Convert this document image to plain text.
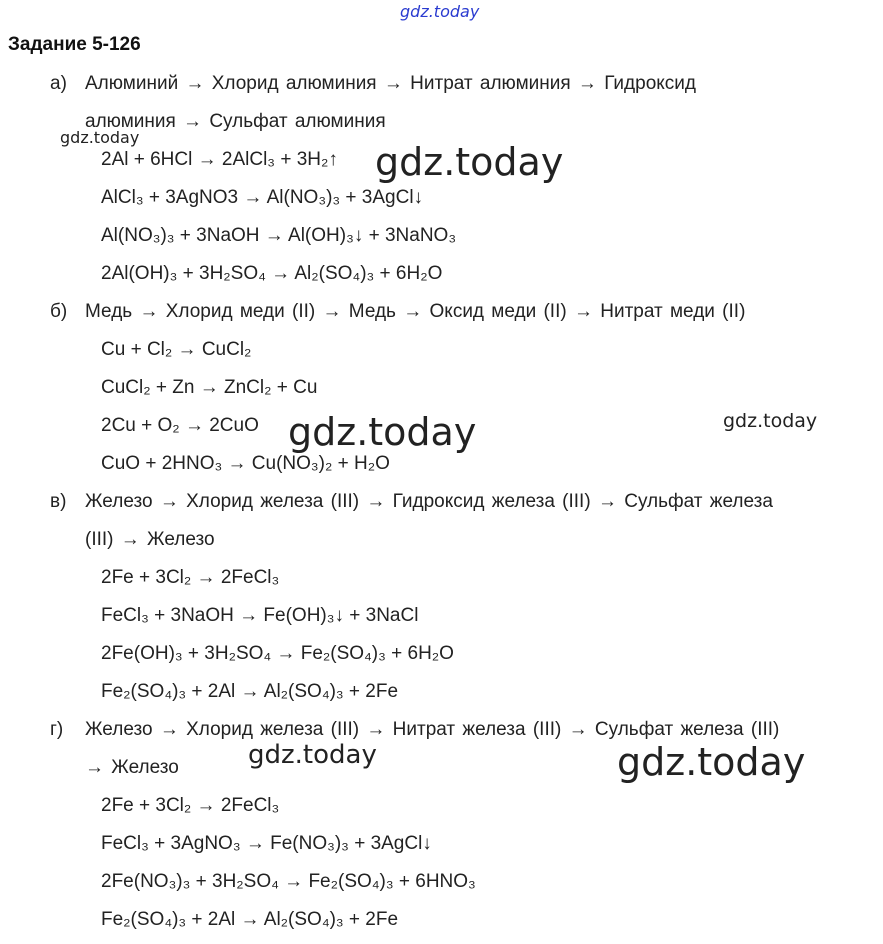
gdz.today
gdz.today
gdz.today
gdz.today	gdz.today
gdz.today	gdz.today
Задание 5-126
а) Алюминий → Хлорид алюминия → Нитрат алюминия → Гидроксид
алюминия → Сульфат алюминия
2Al + 6HCl → 2AlCl₃ + 3H₂↑
AlCl₃ + 3AgNO3 → Al(NO₃)₃ + 3AgCl↓
Al(NO₃)₃ + 3NaOH → Al(OH)₃↓ + 3NaNO₃
2Al(OH)₃ + 3H₂SO₄ → Al₂(SO₄)₃ + 6H₂O
б) Медь → Хлорид меди (II) → Медь → Оксид меди (II) → Нитрат меди (II)
Cu + Cl₂ → CuCl₂
CuCl₂ + Zn → ZnCl₂ + Cu
2Cu + O₂ → 2CuO
CuO + 2HNO₃ → Cu(NO₃)₂ + H₂O
в) Железо → Хлорид железа (III) → Гидроксид железа (III) → Сульфат железа
(III) → Железо
2Fe + 3Cl₂ → 2FeCl₃
FeCl₃ + 3NaOH → Fe(OH)₃↓ + 3NaCl
2Fe(OH)₃ + 3H₂SO₄ → Fe₂(SO₄)₃ + 6H₂O
Fe₂(SO₄)₃ + 2Al → Al₂(SO₄)₃ + 2Fe
г) Железо → Хлорид железа (III) → Нитрат железа (III) → Сульфат железа (III)
→ Железо
2Fe + 3Cl₂ → 2FeCl₃
FeCl₃ + 3AgNO₃ → Fe(NO₃)₃ + 3AgCl↓
2Fe(NO₃)₃ + 3H₂SO₄ → Fe₂(SO₄)₃ + 6HNO₃
Fe₂(SO₄)₃ + 2Al → Al₂(SO₄)₃ + 2Fe
